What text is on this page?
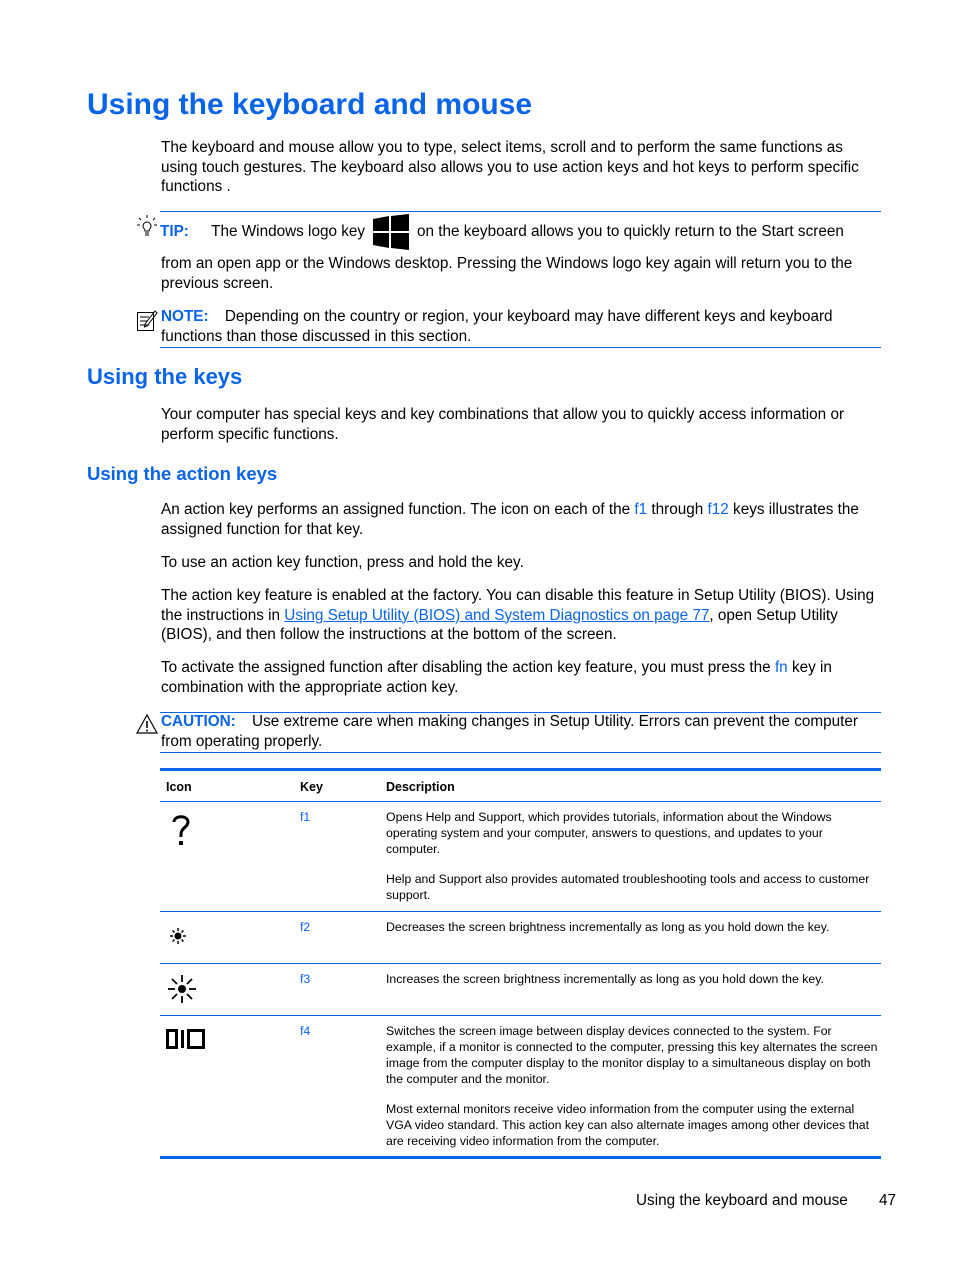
Using the keyboard and mouse

The keyboard and mouse allow you to type, select items, scroll and to perform the same functions as using touch gestures. The keyboard also allows you to use action keys and hot keys to perform specific functions .

TIP: The Windows logo key	on the keyboard allows you to quickly return to the Start screen

from an open app or the Windows desktop. Pressing the Windows logo key again will return you to the previous screen.

NOTE: Depending on the country or region, your keyboard may have different keys and keyboard functions than those discussed in this section.

Using the keys

Your computer has special keys and key combinations that allow you to quickly access information or perform specific functions.

Using the action keys

An action key performs an assigned function. The icon on each of the f1 through f12 keys illustrates the assigned function for that key.

To use an action key function, press and hold the key.

The action key feature is enabled at the factory. You can disable this feature in Setup Utility (BIOS). Using the instructions in Using Setup Utility (BIOS) and System Diagnostics on page 77, open Setup Utility (BIOS), and then follow the instructions at the bottom of the screen.

To activate the assigned function after disabling the action key feature, you must press the fn key in combination with the appropriate action key.

CAUTION: Use extreme care when making changes in Setup Utility. Errors can prevent the computer from operating properly.

Icon	Key	Description
f1	Opens Help and Support, which provides tutorials, information about the Windows operating system and your computer, answers to questions, and updates to your computer.

Help and Support also provides automated troubleshooting tools and access to customer support.

f2	Decreases the screen brightness incrementally as long as you hold down the key.

f3	Increases the screen brightness incrementally as long as you hold down the key.

f4	Switches the screen image between display devices connected to the system. For example, if a monitor is connected to the computer, pressing this key alternates the screen image from the computer display to the monitor display to a simultaneous display on both the computer and the monitor.

Most external monitors receive video information from the computer using the external VGA video standard. This action key can also alternate images among other devices that are receiving video information from the computer.

Using the keyboard and mouse 47
